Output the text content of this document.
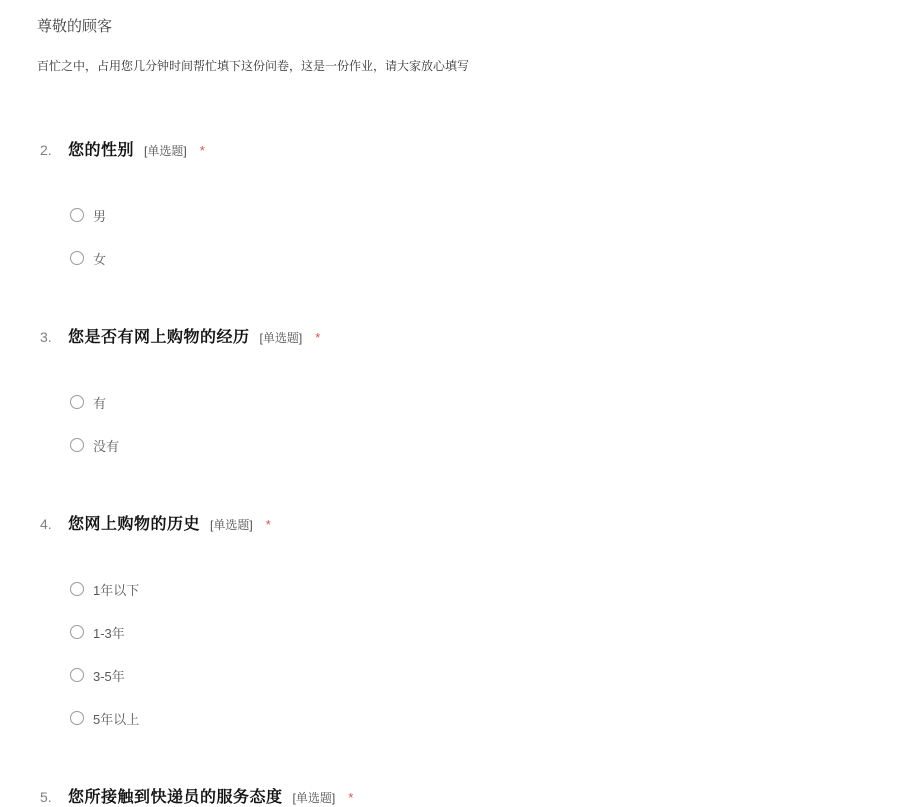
尊敬的顾客
百忙之中，占用您几分钟时间帮忙填下这份问卷，这是一份作业，请大家放心填写
2.	您的性别 [单选题] *
男
女
3.	您是否有网上购物的经历 [单选题] *
有
没有
4.	您网上购物的历史 [单选题] *
1年以下
1-3年
3-5年
5年以上
5.	您所接触到快递员的服务态度 [单选题] *
